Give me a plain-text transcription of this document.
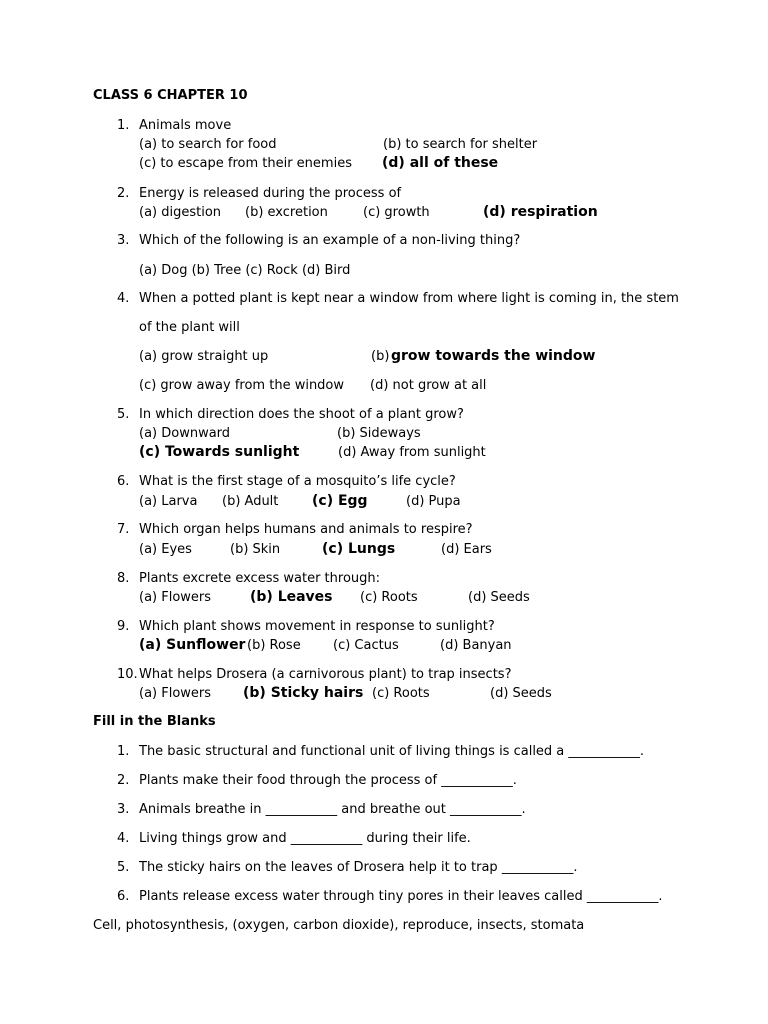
CLASS 6 CHAPTER 10
1. Animals move
(a) to search for food	(b) to search for shelter
(c) to escape from their enemies (d) all of these
2. Energy is released during the process of
(a) digestion (b) excretion	(c) growth	(d) respiration
3. Which of the following is an example of a non-living thing?
(a) Dog (b) Tree (c) Rock (d) Bird
4. When a potted plant is kept near a window from where light is coming in, the stem
of the plant will
(a) grow straight up	(b) grow towards the window
(c) grow away from the window (d) not grow at all
5. In which direction does the shoot of a plant grow?
(a) Downward	(b) Sideways
(c) Towards sunlight	(d) Away from sunlight
6. What is the first stage of a mosquito’s life cycle?
(a) Larva (b) Adult (c) Egg	(d) Pupa
7. Which organ helps humans and animals to respire?
(a) Eyes	(b) Skin	(c) Lungs	(d) Ears
8. Plants excrete excess water through:
(a) Flowers	(b) Leaves (c) Roots	(d) Seeds
9. Which plant shows movement in response to sunlight?
(a) Sunflower (b) Rose (c) Cactus	(d) Banyan
10. What helps Drosera (a carnivorous plant) to trap insects?
(a) Flowers (b) Sticky hairs (c) Roots	(d) Seeds
Fill in the Blanks
1. The basic structural and functional unit of living things is called a ___________.
2. Plants make their food through the process of ___________.
3. Animals breathe in ___________ and breathe out ___________.
4. Living things grow and ___________ during their life.
5. The sticky hairs on the leaves of Drosera help it to trap ___________.
6. Plants release excess water through tiny pores in their leaves called ___________.
Cell, photosynthesis, (oxygen, carbon dioxide), reproduce, insects, stomata
